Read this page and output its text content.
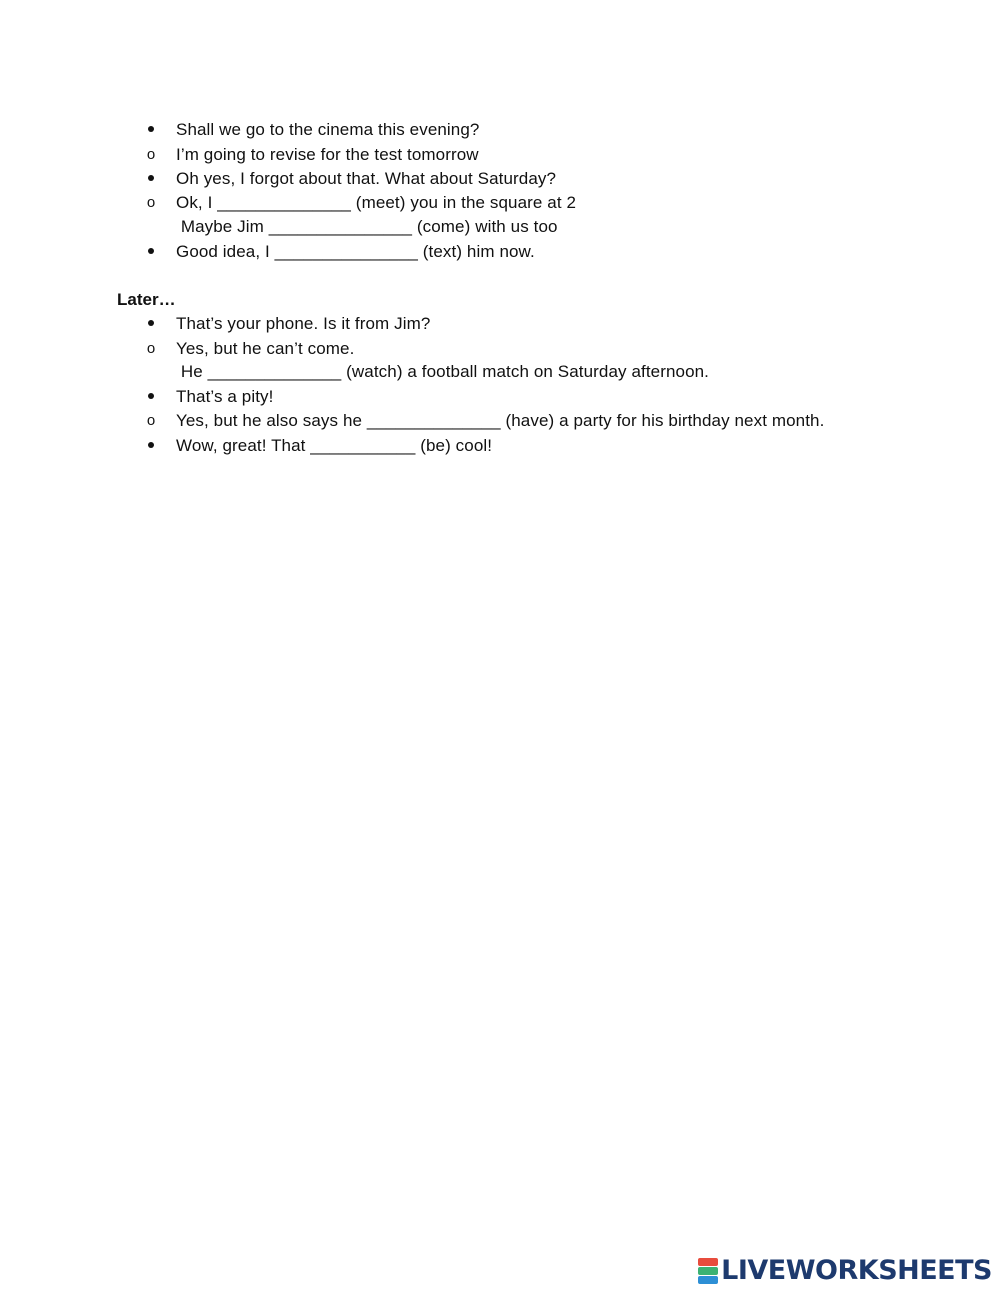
Shall we go to the cinema this evening?
o I’m going to revise for the test tomorrow
Oh yes, I forgot about that. What about Saturday?
o Ok, I ______________ (meet) you in the square at 2
Maybe Jim _______________ (come) with us too
Good idea, I _______________ (text) him now.
Later…
That’s your phone. Is it from Jim?
o Yes, but he can’t come.
He ______________ (watch) a football match on Saturday afternoon.
That’s a pity!
o Yes, but he also says he ______________ (have) a party for his birthday next month.
Wow, great! That ___________ (be) cool!
LIVEWORKSHEETS
